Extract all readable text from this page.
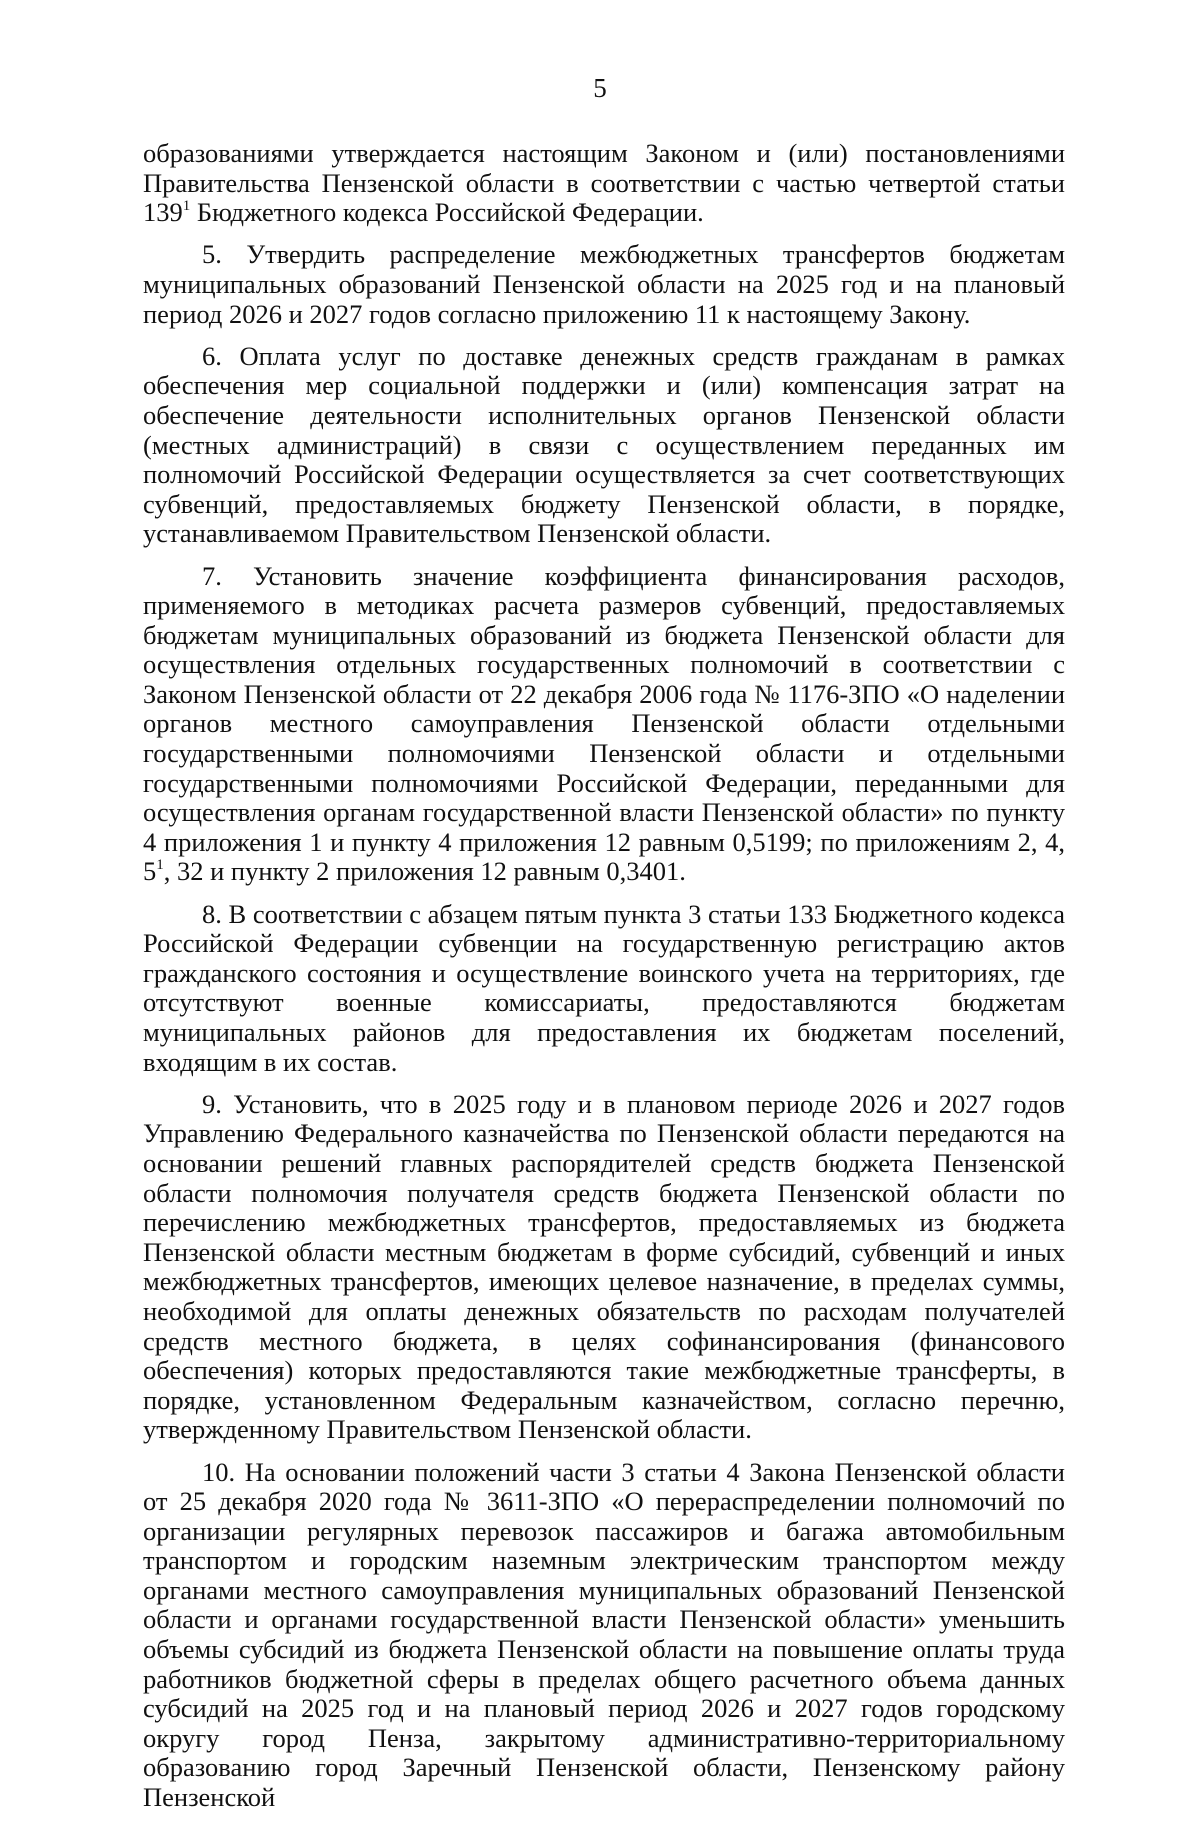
5

образованиями утверждается настоящим Законом и (или) постановлениями Правительства Пензенской области в соответствии с частью четвертой статьи $139^1$ Бюджетного кодекса Российской Федерации.

5. Утвердить распределение межбюджетных трансфертов бюджетам муниципальных образований Пензенской области на 2025 год и на плановый период 2026 и 2027 годов согласно приложению 11 к настоящему Закону.

6. Оплата услуг по доставке денежных средств гражданам в рамках обеспечения мер социальной поддержки и (или) компенсация затрат на обеспечение деятельности исполнительных органов Пензенской области (местных администраций) в связи с осуществлением переданных им полномочий Российской Федерации осуществляется за счет соответствующих субвенций, предоставляемых бюджету Пензенской области, в порядке, устанавливаемом Правительством Пензенской области.

7. Установить значение коэффициента финансирования расходов, применяемого в методиках расчета размеров субвенций, предоставляемых бюджетам муниципальных образований из бюджета Пензенской области для осуществления отдельных государственных полномочий в соответствии с Законом Пензенской области от 22 декабря 2006 года № 1176-ЗПО «О наделении органов местного самоуправления Пензенской области отдельными государственными полномочиями Пензенской области и отдельными государственными полномочиями Российской Федерации, переданными для осуществления органам государственной власти Пензенской области» по пункту 4 приложения 1 и пункту 4 приложения 12 равным 0,5199; по приложениям 2, 4, $5^1$, 32 и пункту 2 приложения 12 равным 0,3401.

8. В соответствии с абзацем пятым пункта 3 статьи 133 Бюджетного кодекса Российской Федерации субвенции на государственную регистрацию актов гражданского состояния и осуществление воинского учета на территориях, где отсутствуют военные комиссариаты, предоставляются бюджетам муниципальных районов для предоставления их бюджетам поселений, входящим в их состав.

9. Установить, что в 2025 году и в плановом периоде 2026 и 2027 годов Управлению Федерального казначейства по Пензенской области передаются на основании решений главных распорядителей средств бюджета Пензенской области полномочия получателя средств бюджета Пензенской области по перечислению межбюджетных трансфертов, предоставляемых из бюджета Пензенской области местным бюджетам в форме субсидий, субвенций и иных межбюджетных трансфертов, имеющих целевое назначение, в пределах суммы, необходимой для оплаты денежных обязательств по расходам получателей средств местного бюджета, в целях софинансирования (финансового обеспечения) которых предоставляются такие межбюджетные трансферты, в порядке, установленном Федеральным казначейством, согласно перечню, утвержденному Правительством Пензенской области.

10. На основании положений части 3 статьи 4 Закона Пензенской области от 25 декабря 2020 года № 3611-ЗПО «О перераспределении полномочий по организации регулярных перевозок пассажиров и багажа автомобильным транспортом и городским наземным электрическим транспортом между органами местного самоуправления муниципальных образований Пензенской области и органами государственной власти Пензенской области» уменьшить объемы субсидий из бюджета Пензенской области на повышение оплаты труда работников бюджетной сферы в пределах общего расчетного объема данных субсидий на 2025 год и на плановый период 2026 и 2027 годов городскому округу город Пенза, закрытому административно-территориальному образованию город Заречный Пензенской области, Пензенскому району Пензенской
